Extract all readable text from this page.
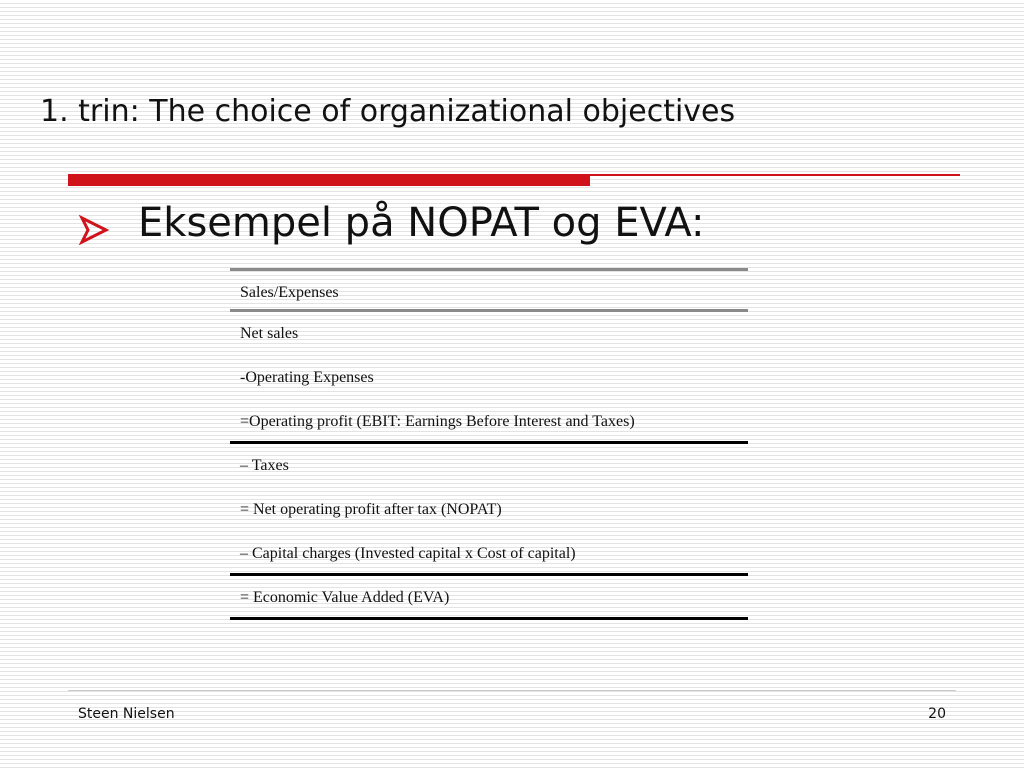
1. trin: The choice of organizational objectives
Eksempel på NOPAT og EVA:
Sales/Expenses
Net sales
-Operating Expenses
=Operating profit (EBIT: Earnings Before Interest and Taxes)
– Taxes
= Net operating profit after tax (NOPAT)
– Capital charges (Invested capital x Cost of capital)
= Economic Value Added (EVA)
Steen Nielsen	20
